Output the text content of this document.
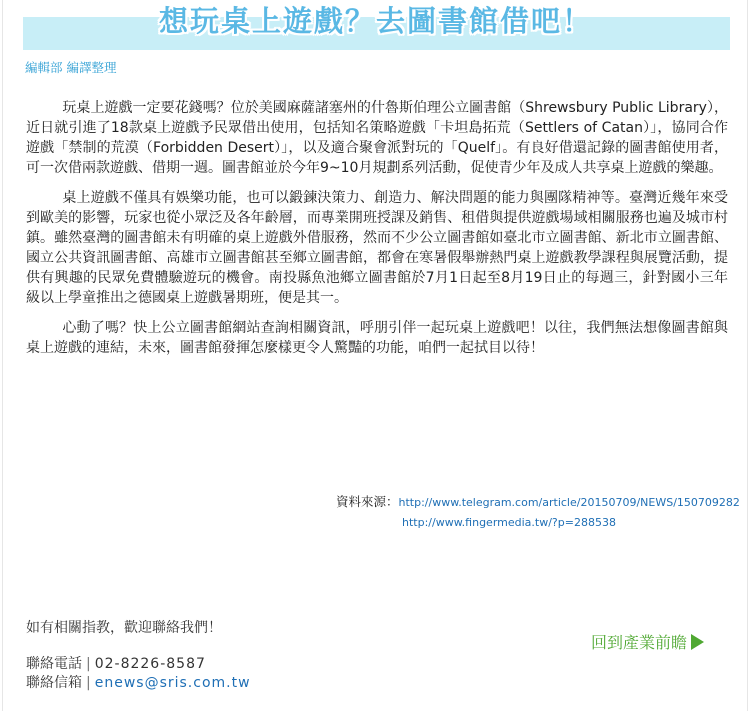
想玩桌上遊戲？去圖書館借吧！
編輯部 編譯整理

玩桌上遊戲一定要花錢嗎？位於美國麻薩諸塞州的什魯斯伯理公立圖書館（Shrewsbury Public Library），近日就引進了18款桌上遊戲予民眾借出使用，包括知名策略遊戲「卡坦島拓荒（Settlers of Catan）」，協同合作遊戲「禁制的荒漠（Forbidden Desert）」，以及適合聚會派對玩的「Quelf」。有良好借還記錄的圖書館使用者，可一次借兩款遊戲、借期一週。圖書館並於今年9~10月規劃系列活動，促使青少年及成人共享桌上遊戲的樂趣。

桌上遊戲不僅具有娛樂功能，也可以鍛鍊決策力、創造力、解決問題的能力與團隊精神等。臺灣近幾年來受到歐美的影響，玩家也從小眾泛及各年齡層，而專業開班授課及銷售、租借與提供遊戲場域相關服務也遍及城市村鎮。雖然臺灣的圖書館未有明確的桌上遊戲外借服務，然而不少公立圖書館如臺北市立圖書館、新北市立圖書館、國立公共資訊圖書館、高雄市立圖書館甚至鄉立圖書館，都會在寒暑假舉辦熱門桌上遊戲教學課程與展覽活動，提供有興趣的民眾免費體驗遊玩的機會。南投縣魚池鄉立圖書館於7月1日起至8月19日止的每週三，針對國小三年級以上學童推出之德國桌上遊戲暑期班，便是其一。

心動了嗎？快上公立圖書館網站查詢相關資訊，呼朋引伴一起玩桌上遊戲吧！以往，我們無法想像圖書館與桌上遊戲的連結，未來，圖書館發揮怎麼樣更令人驚豔的功能，咱們一起拭目以待！

資料來源：http://www.telegram.com/article/20150709/NEWS/150709282
http://www.fingermedia.tw/?p=288538
如有相關指教，歡迎聯絡我們！
聯絡電話 | 02-8226-8587
聯絡信箱 | enews@sris.com.tw
回到產業前瞻
